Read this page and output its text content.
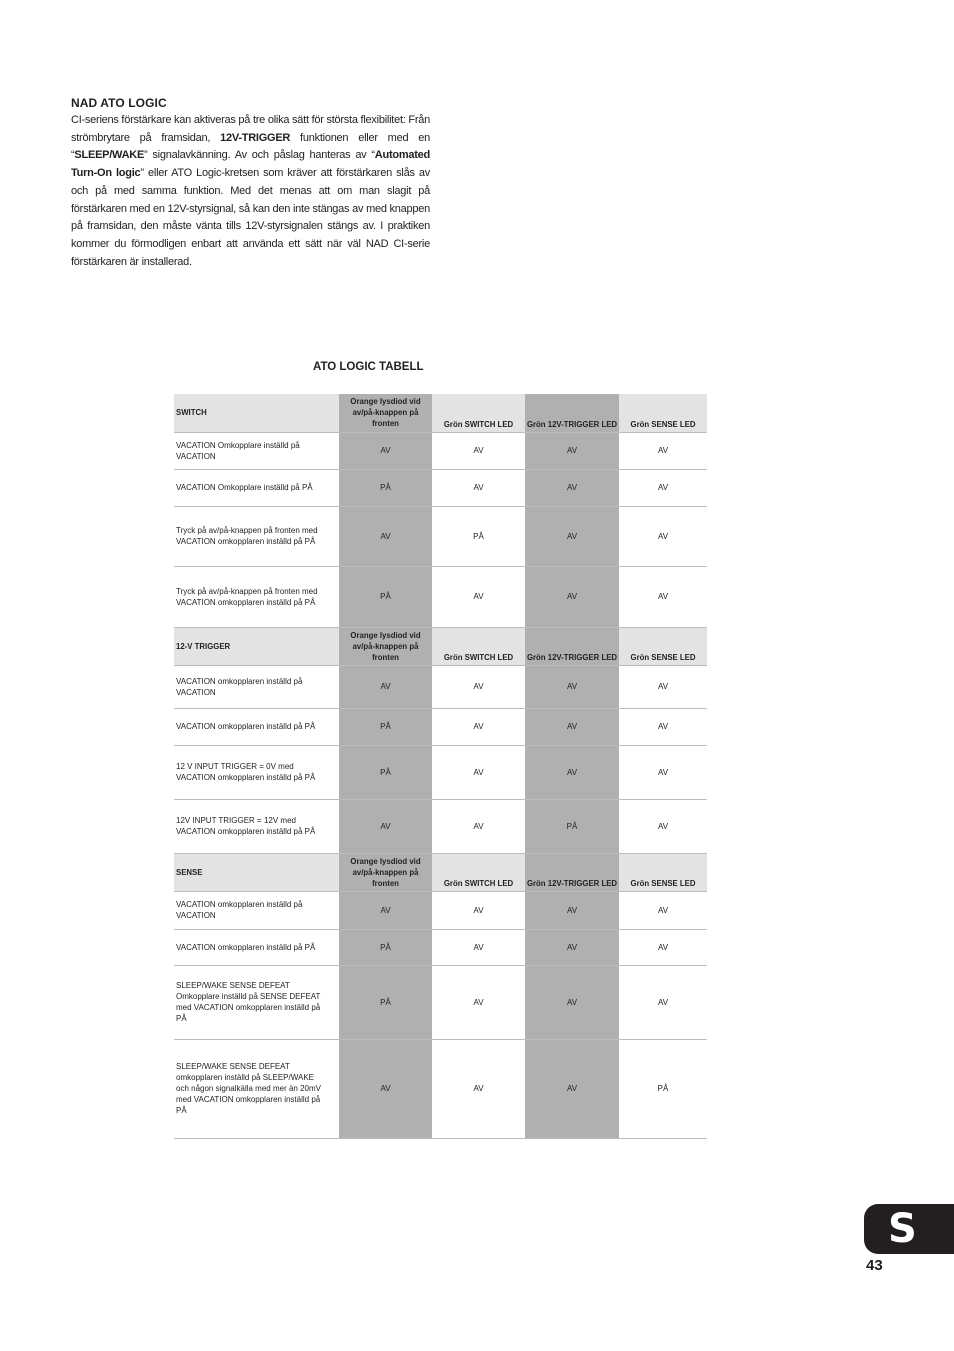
NAD ATO LOGIC

CI-seriens förstärkare kan aktiveras på tre olika sätt för största flexibilitet: Från strömbrytare på framsidan, 12V-TRIGGER funktionen eller med en “SLEEP/WAKE” signalavkänning. Av och påslag hanteras av “Automated Turn-On logic” eller ATO Logic-kretsen som kräver att förstärkaren slås av och på med samma funktion. Med det menas att om man slagit på förstärkaren med en 12V-styrsignal, så kan den inte stängas av med knappen på framsidan, den måste vänta tills 12V-styrsignalen stängs av. I praktiken kommer du förmodligen enbart att använda ett sätt när väl NAD CI-serie förstärkaren är installerad.

ATO LOGIC TABELL
SWITCH	Orange lysdiod vid av/på-knappen på fronten	Grön SWITCH LED	Grön 12V-TRIGGER LED	Grön SENSE LED
VACATION Omkopplare inställd på VACATION	AV	AV	AV	AV
VACATION Omkopplare inställd på PÅ	PÅ	AV	AV	AV
Tryck på av/på-knappen på fronten med VACATION omkopplaren inställd på PÅ	AV	PÅ	AV	AV
Tryck på av/på-knappen på fronten med VACATION omkopplaren inställd på PÅ	PÅ	AV	AV	AV
12-V TRIGGER	Orange lysdiod vid av/på-knappen på fronten	Grön SWITCH LED	Grön 12V-TRIGGER LED	Grön SENSE LED
VACATION omkopplaren inställd på VACATION	AV	AV	AV	AV
VACATION omkopplaren inställd på PÅ	PÅ	AV	AV	AV
12 V INPUT TRIGGER = 0V med VACATION omkopplaren inställd på PÅ	PÅ	AV	AV	AV
12V INPUT TRIGGER = 12V med VACATION omkopplaren inställd på PÅ	AV	AV	PÅ	AV
SENSE	Orange lysdiod vid av/på-knappen på fronten	Grön SWITCH LED	Grön 12V-TRIGGER LED	Grön SENSE LED
VACATION omkopplaren inställd på VACATION	AV	AV	AV	AV
VACATION omkopplaren inställd på PÅ	PÅ	AV	AV	AV
SLEEP/WAKE SENSE DEFEAT Omkopplare inställd på SENSE DEFEAT med VACATION omkopplaren inställd på PÅ	PÅ	AV	AV	AV
SLEEP/WAKE SENSE DEFEAT omkopplaren inställd på SLEEP/WAKE och någon signalkälla med mer än 20mV med VACATION omkopplaren inställd på PÅ	AV	AV	AV	PÅ
S
43
